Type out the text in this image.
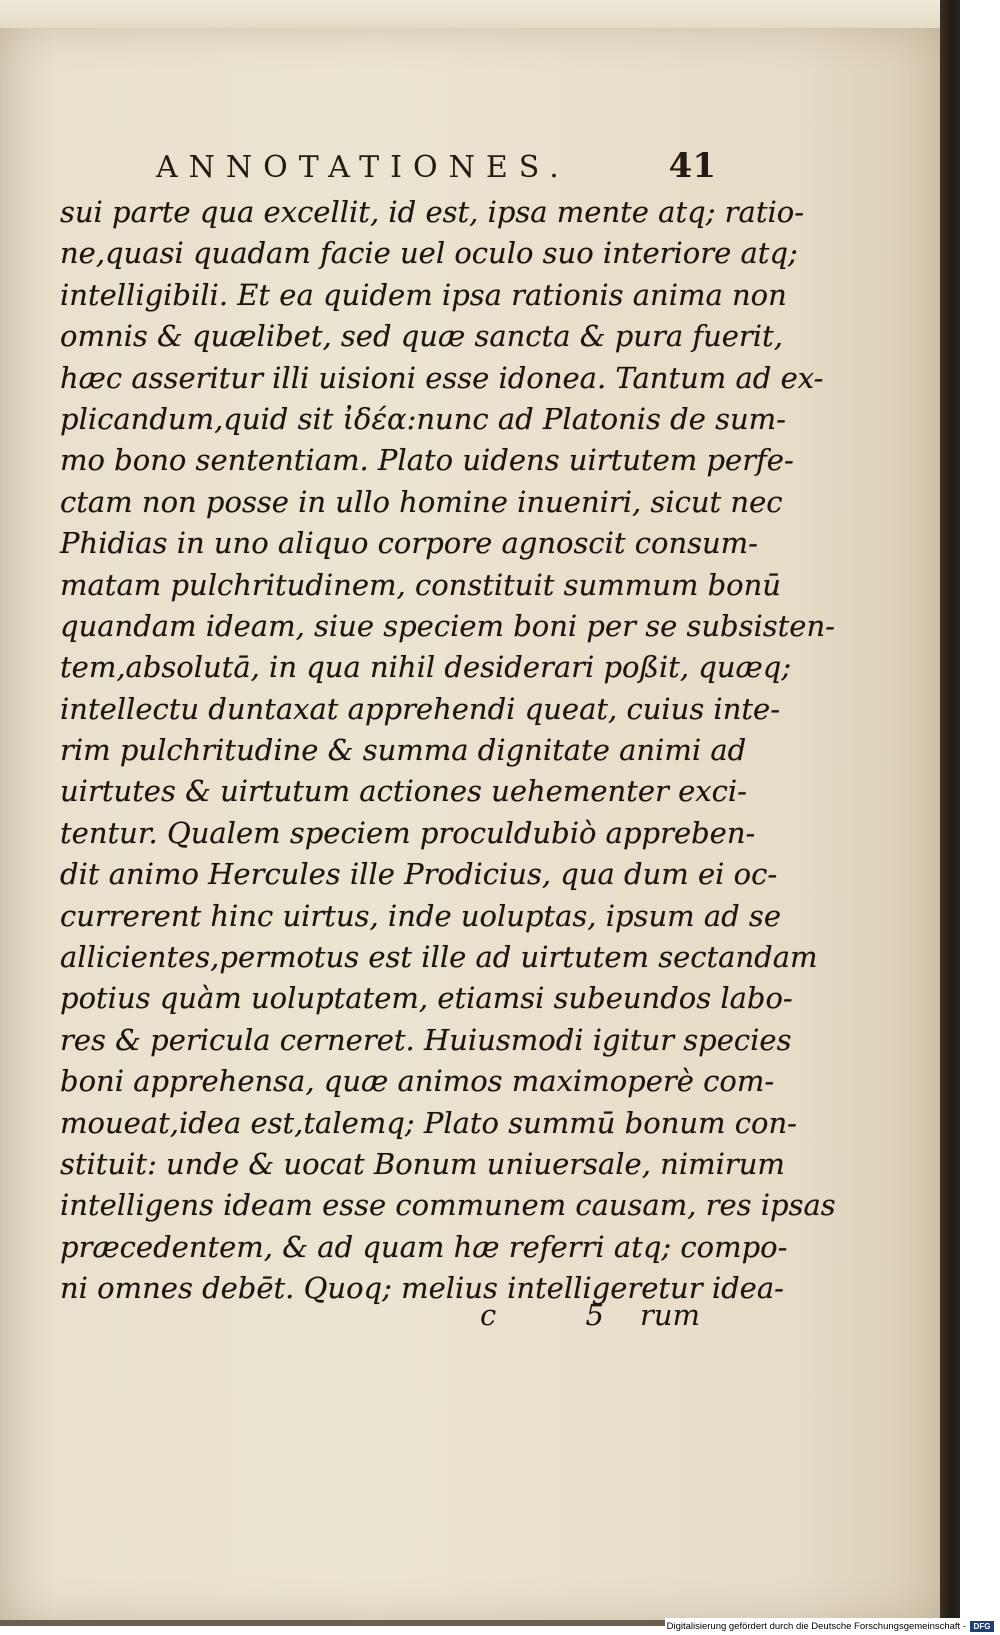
ANNOTATIONES.	41
sui parte qua excellit, id est, ipsa mente atq; ratio-
ne,quasi quadam facie uel oculo suo interiore atq;
intelligibili. Et ea quidem ipsa rationis anima non
omnis & quælibet, sed quæ sancta & pura fuerit,
hæc asseritur illi uisioni esse idonea. Tantum ad ex-
plicandum,quid sit ἰδέα:nunc ad Platonis de sum-
mo bono sententiam. Plato uidens uirtutem perfe-
ctam non posse in ullo homine inueniri, sicut nec
Phidias in uno aliquo corpore agnoscit consum-
matam pulchritudinem, constituit summum bonū
quandam ideam, siue speciem boni per se subsisten-
tem,absolutā, in qua nihil desiderari poßit, quæq;
intellectu duntaxat apprehendi queat, cuius inte-
rim pulchritudine & summa dignitate animi ad
uirtutes & uirtutum actiones uehementer exci-
tentur. Qualem speciem proculdubiò appreben-
dit animo Hercules ille Prodicius, qua dum ei oc-
currerent hinc uirtus, inde uoluptas, ipsum ad se
allicientes,permotus est ille ad uirtutem sectandam
potius quàm uoluptatem, etiamsi subeundos labo-
res & pericula cerneret. Huiusmodi igitur species
boni apprehensa, quæ animos maximoperè com-
moueat,idea est,talemq; Plato summū bonum con-
stituit: unde & uocat Bonum uniuersale, nimirum
intelligens ideam esse communem causam, res ipsas
præcedentem, & ad quam hæ referri atq; compo-
ni omnes debēt. Quoq; melius intelligeretur idea-
c 5
rum
Digitalisierung gefördert durch die Deutsche Forschungsgemeinschaft - DFG
